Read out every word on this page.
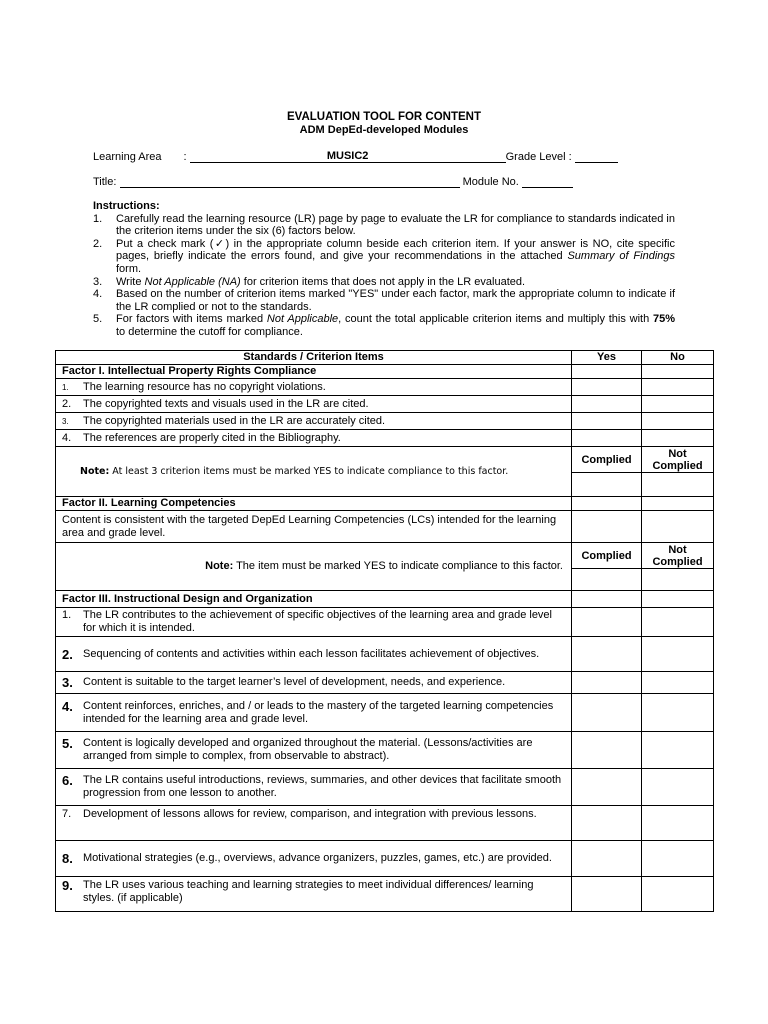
EVALUATION TOOL FOR CONTENT
ADM DepEd-developed Modules
Learning Area :	MUSIC2	Grade Level :
Title:	Module No.
Instructions:
1.	Carefully read the learning resource (LR) page by page to evaluate the LR for compliance to standards indicated in the criterion items under the six (6) factors below.
2.	Put a check mark (✓) in the appropriate column beside each criterion item. If your answer is NO, cite specific pages, briefly indicate the errors found, and give your recommendations in the attached Summary of Findings form.
3.	Write Not Applicable (NA) for criterion items that does not apply in the LR evaluated.
4.	Based on the number of criterion items marked "YES" under each factor, mark the appropriate column to indicate if the LR complied or not to the standards.
5.	For factors with items marked Not Applicable, count the total applicable criterion items and multiply this with 75% to determine the cutoff for compliance.
Standards / Criterion Items	Yes	No
Factor I. Intellectual Property Rights Compliance		
1. The learning resource has no copyright violations.		
2. The copyrighted texts and visuals used in the LR are cited.		
3. The copyrighted materials used in the LR are accurately cited.		
4. The references are properly cited in the Bibliography.		
Note: At least 3 criterion items must be marked YES to indicate compliance to this factor.	Complied	Not
Complied

Factor II. Learning Competencies		
Content is consistent with the targeted DepEd Learning Competencies (LCs) intended for the learning area and grade level.		
Note: The item must be marked YES to indicate compliance to this factor.	Complied	Not
Complied

Factor III. Instructional Design and Organization		

1. The LR contributes to the achievement of specific objectives of the learning area and grade level for which it is intended.		

2. Sequencing of contents and activities within each lesson facilitates achievement of objectives.		

3. Content is suitable to the target learner’s level of development, needs, and experience.		

4. Content reinforces, enriches, and / or leads to the mastery of the targeted learning competencies intended for the learning area and grade level.		

5. Content is logically developed and organized throughout the material. (Lessons/activities are arranged from simple to complex, from observable to abstract).		

6. The LR contains useful introductions, reviews, summaries, and other devices that facilitate smooth progression from one lesson to another.		

7. Development of lessons allows for review, comparison, and integration with previous lessons.		

8. Motivational strategies (e.g., overviews, advance organizers, puzzles, games, etc.) are provided.		

9. The LR uses various teaching and learning strategies to meet individual differences/ learning styles. (if applicable)		
